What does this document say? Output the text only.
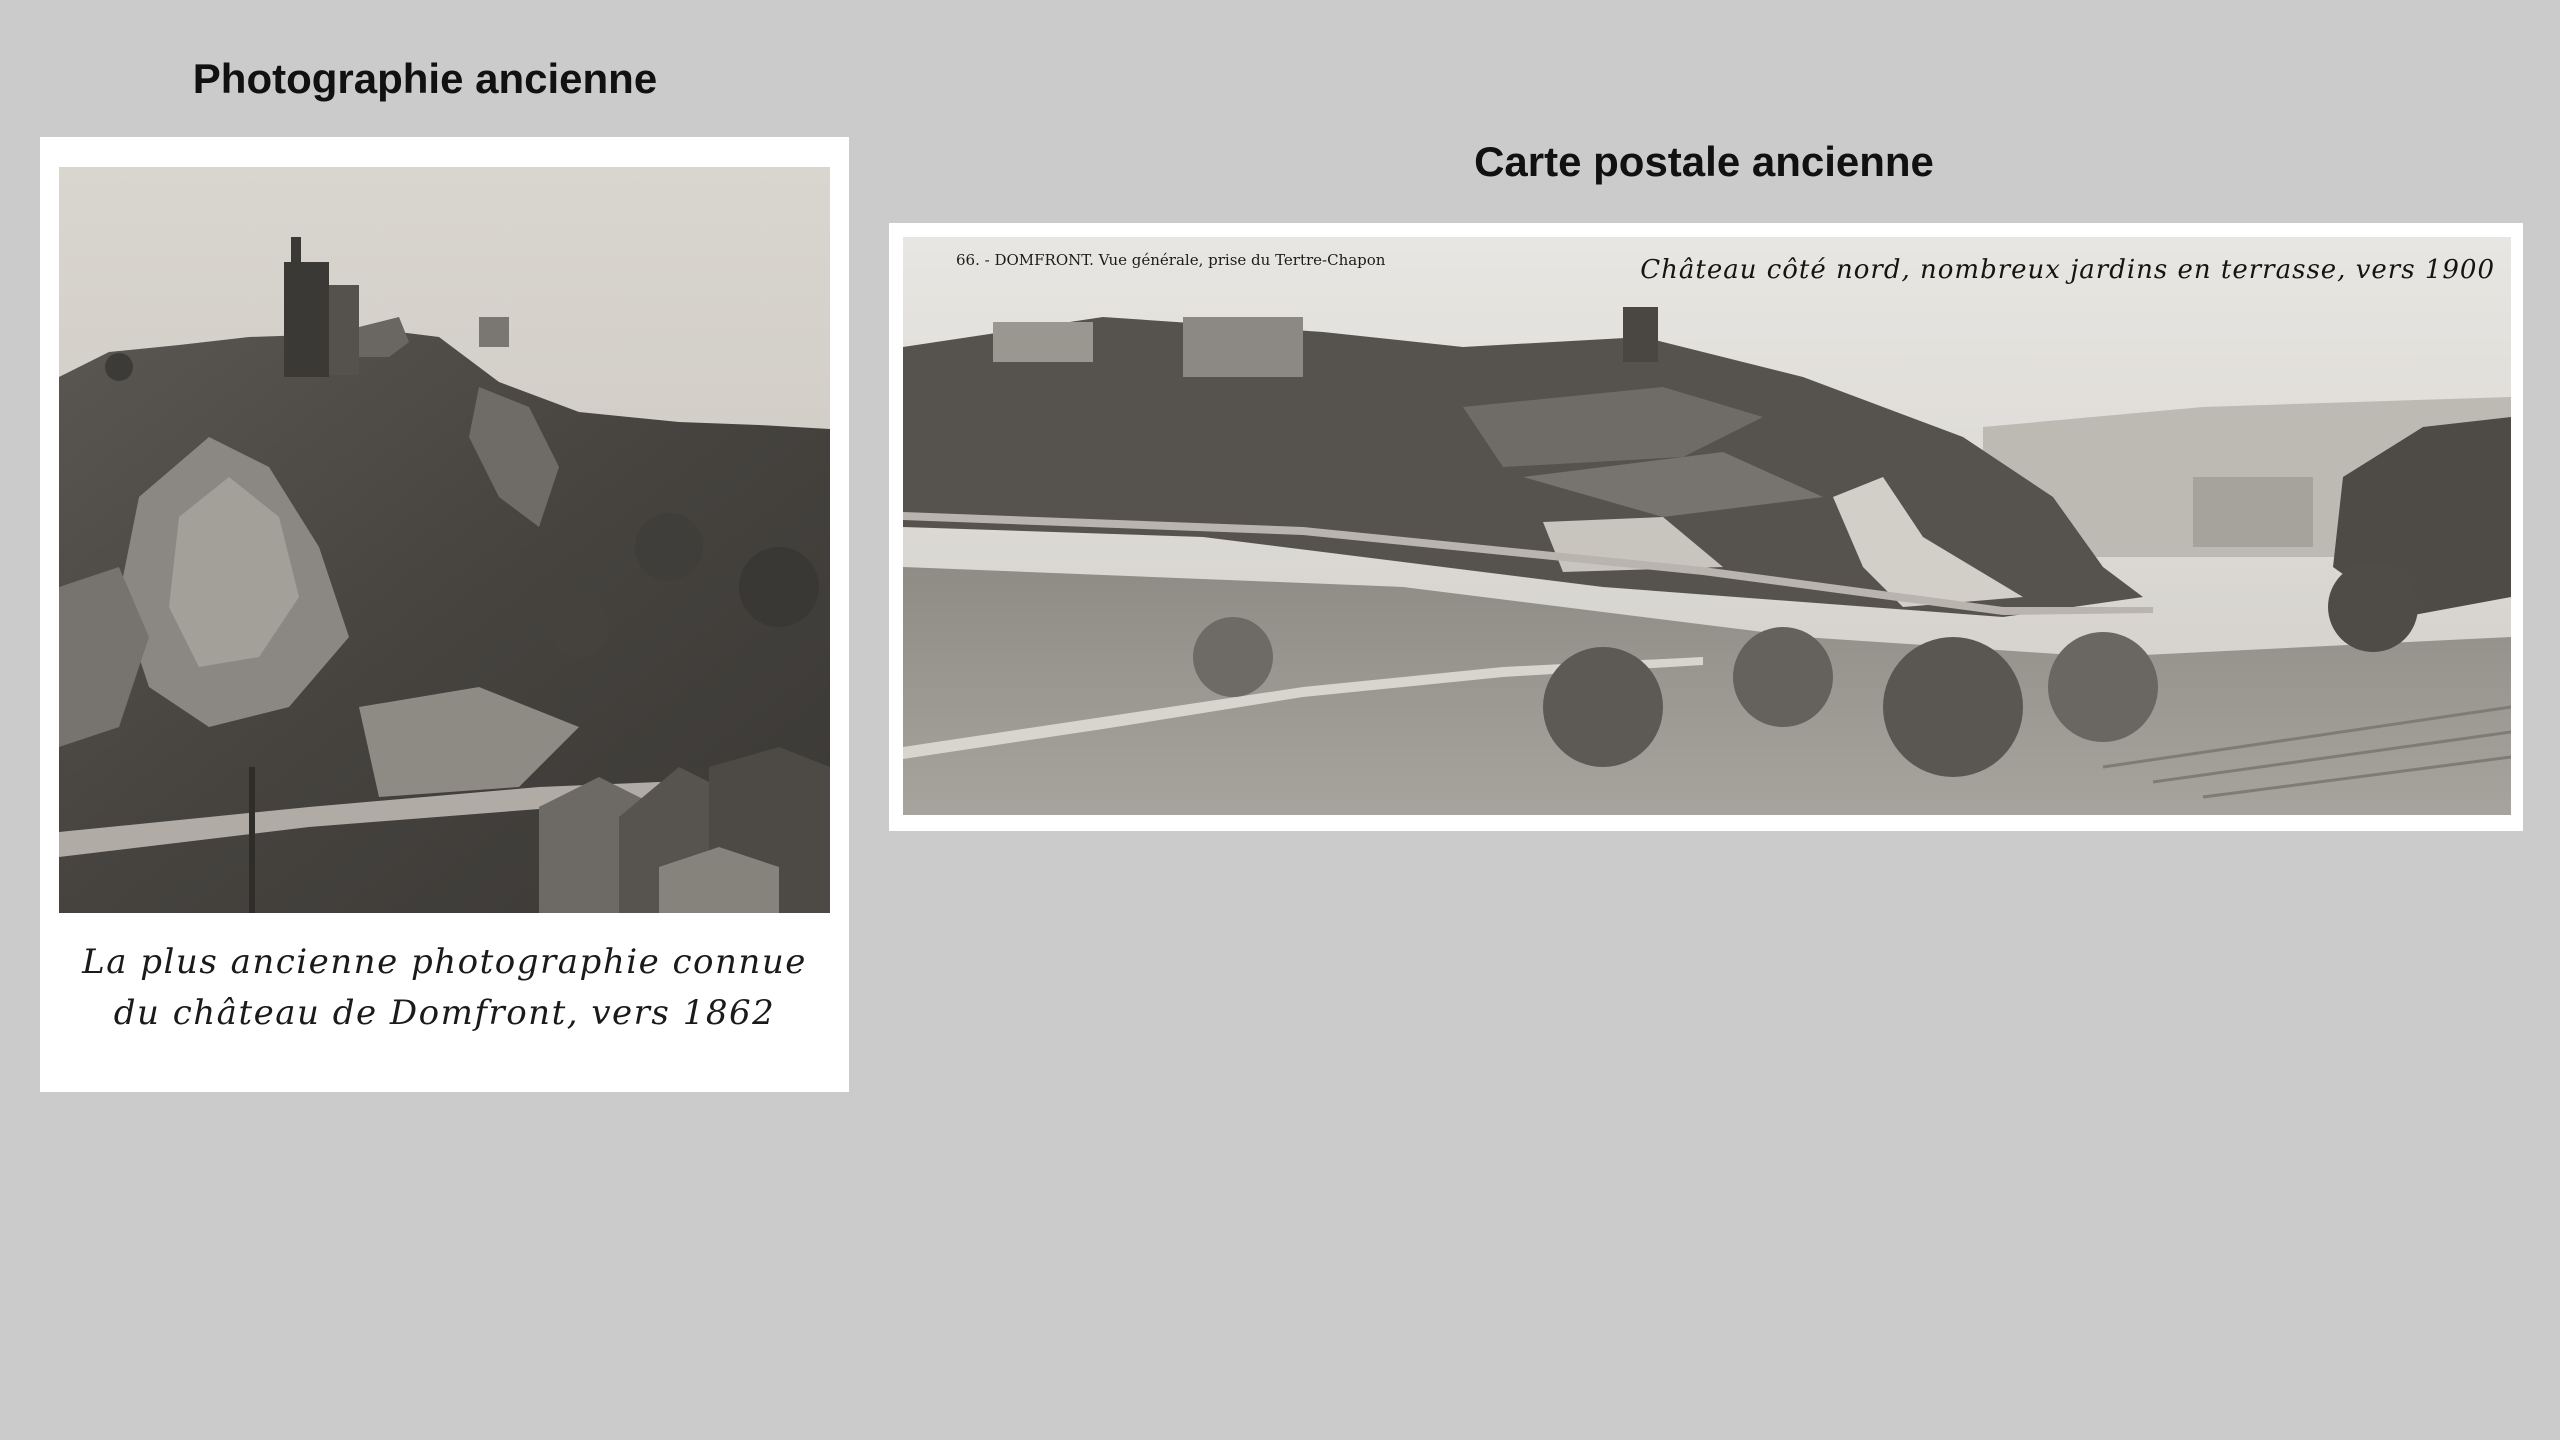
Photographie ancienne
La plus ancienne photographie connue
du château de Domfront, vers 1862
Carte postale ancienne
66. - DOMFRONT. Vue générale, prise du Tertre-Chapon	Château côté nord, nombreux jardins en terrasse, vers 1900
